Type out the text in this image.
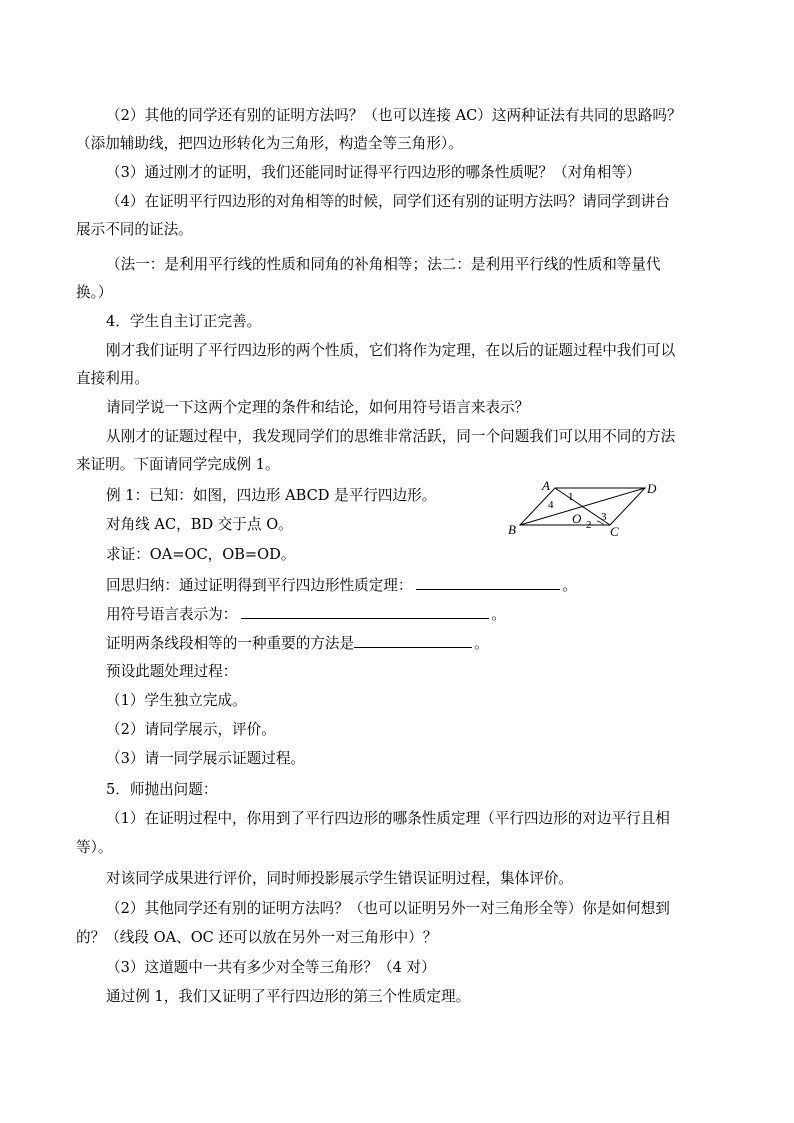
（2）其他的同学还有别的证明方法吗？（也可以连接 AC）这两种证法有共同的思路吗？
（添加辅助线，把四边形转化为三角形，构造全等三角形）。
（3）通过刚才的证明，我们还能同时证得平行四边形的哪条性质呢？（对角相等）
（4）在证明平行四边形的对角相等的时候，同学们还有别的证明方法吗？请同学到讲台
展示不同的证法。
（法一：是利用平行线的性质和同角的补角相等；法二：是利用平行线的性质和等量代
换。）
4．学生自主订正完善。
刚才我们证明了平行四边形的两个性质，它们将作为定理，在以后的证题过程中我们可以
直接利用。
请同学说一下这两个定理的条件和结论，如何用符号语言来表示？
从刚才的证题过程中，我发现同学们的思维非常活跃，同一个问题我们可以用不同的方法
来证明。下面请同学完成例 1。
例 1：已知：如图，四边形 ABCD 是平行四边形。
对角线 AC，BD 交于点 O。
求证：OA=OC，OB=OD。
回思归纳：通过证明得到平行四边形性质定理：	。
用符号语言表示为：	。
证明两条线段相等的一种重要的方法是	。
预设此题处理过程：
（1）学生独立完成。
（2）请同学展示，评价。
（3）请一同学展示证题过程。
5．师抛出问题：
（1）在证明过程中，你用到了平行四边形的哪条性质定理（平行四边形的对边平行且相
等）。
对该同学成果进行评价，同时师投影展示学生错误证明过程，集体评价。
（2）其他同学还有别的证明方法吗？（也可以证明另外一对三角形全等）你是如何想到
的？（线段 OA、OC 还可以放在另外一对三角形中）？
（3）这道题中一共有多少对全等三角形？（4 对）
通过例 1，我们又证明了平行四边形的第三个性质定理。
A	D
B	C
O
1
2
3
4
